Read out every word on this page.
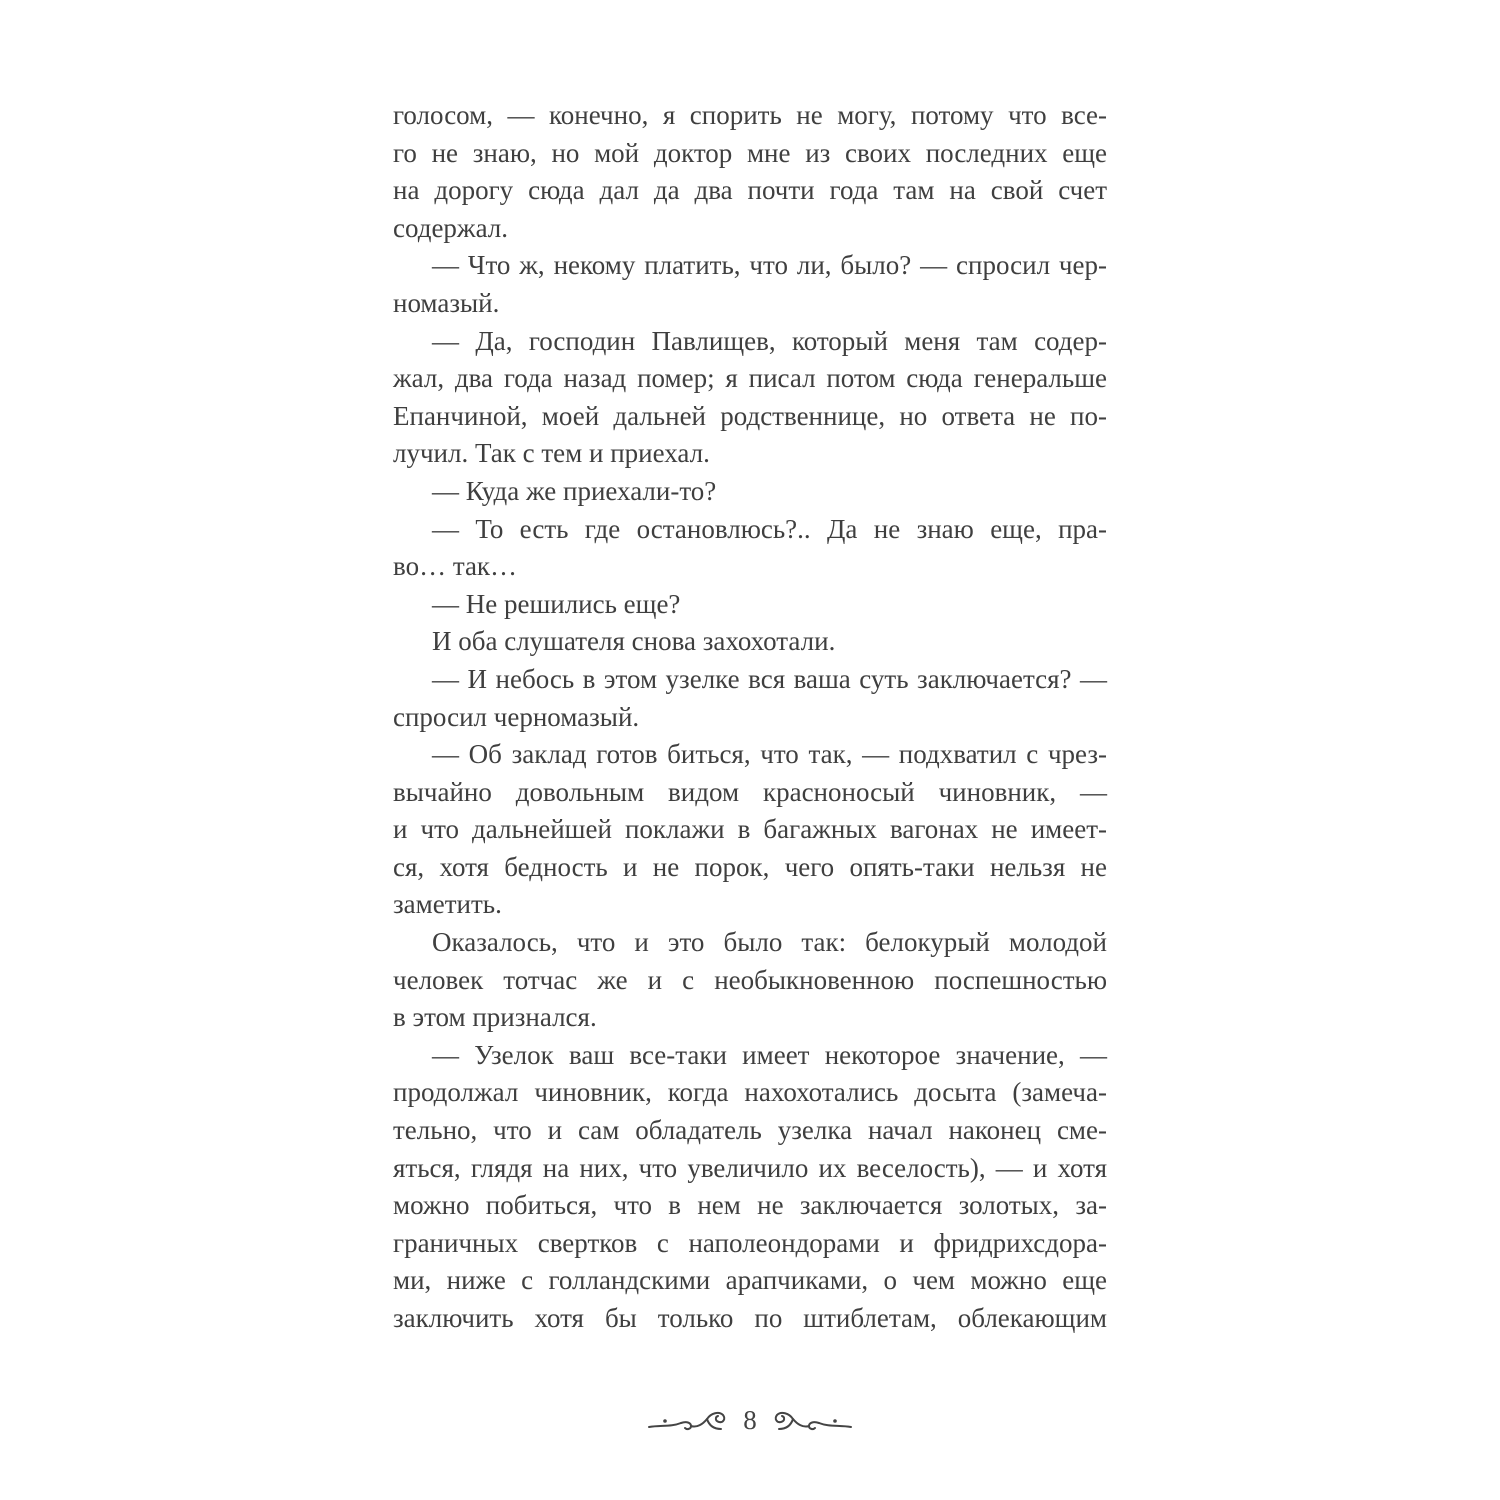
голосом, — конечно, я спорить не могу, потому что все-
го не знаю, но мой доктор мне из своих последних еще
на дорогу сюда дал да два почти года там на свой счет
содержал.
— Что ж, некому платить, что ли, было? — спросил чер-
номазый.
— Да, господин Павлищев, который меня там содер-
жал, два года назад помер; я писал потом сюда генеральше
Епанчиной, моей дальней родственнице, но ответа не по-
лучил. Так с тем и приехал.
— Куда же приехали-то?
— То есть где остановлюсь?.. Да не знаю еще, пра-
во… так…
— Не решились еще?
И оба слушателя снова захохотали.
— И небось в этом узелке вся ваша суть заключается? —
спросил черномазый.
— Об заклад готов биться, что так, — подхватил с чрез-
вычайно довольным видом красноносый чиновник, —
и что дальнейшей поклажи в багажных вагонах не имеет-
ся, хотя бедность и не порок, чего опять-таки нельзя не
заметить.
Оказалось, что и это было так: белокурый молодой
человек тотчас же и с необыкновенною поспешностью
в этом признался.
— Узелок ваш все-таки имеет некоторое значение, —
продолжал чиновник, когда нахохотались досыта (замеча-
тельно, что и сам обладатель узелка начал наконец сме-
яться, глядя на них, что увеличило их веселость), — и хотя
можно побиться, что в нем не заключается золотых, за-
граничных свертков с наполеондорами и фридрихсдора-
ми, ниже с голландскими арапчиками, о чем можно еще
заключить хотя бы только по штиблетам, облекающим
8
